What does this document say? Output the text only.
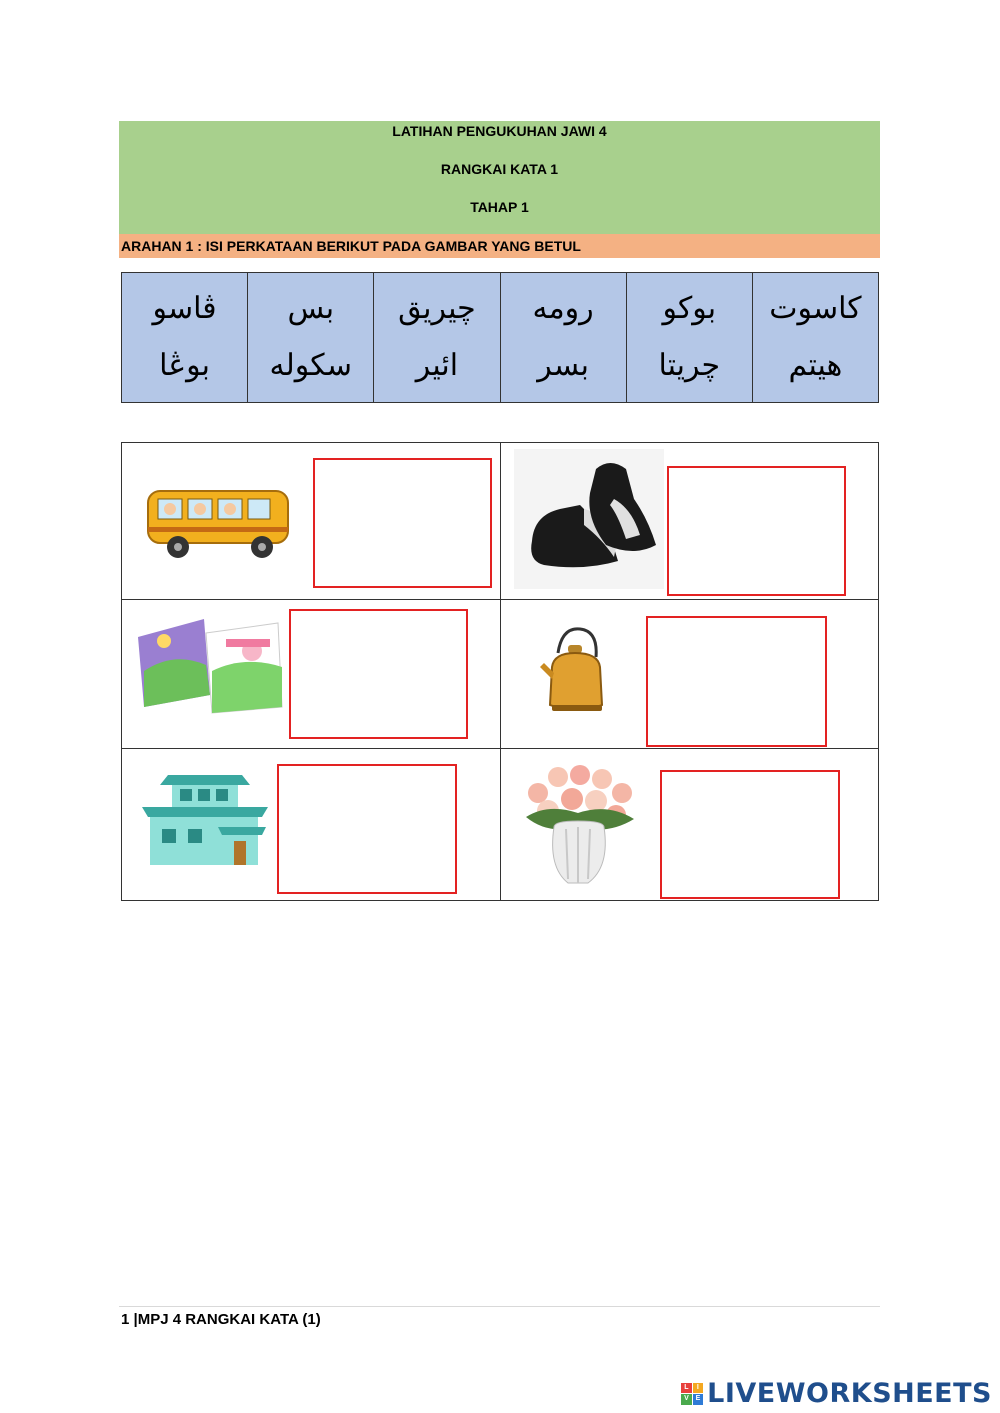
LATIHAN PENGUKUHAN JAWI 4
RANGKAI KATA 1
TAHAP 1
ARAHAN 1 : ISI PERKATAAN BERIKUT PADA GAMBAR YANG BETUL
ڤاسو
بوڠا
بس
سکوله
چيريق
ائير
رومه
بسر
بوکو
چريتا
کاسوت
هيتم
1 |MPJ 4 RANGKAI KATA (1)
L	I
V E LIVEWORKSHEETS
